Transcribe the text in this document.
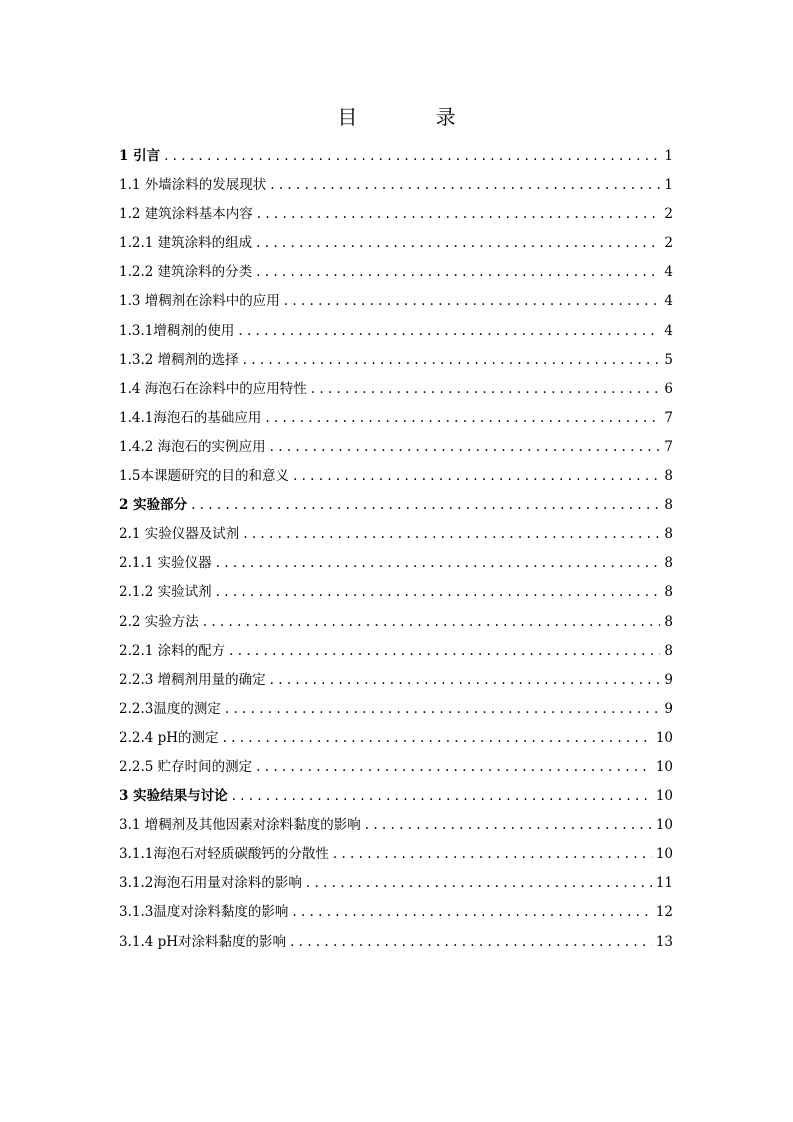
目 录
1 引言 . . .	1
1.1 外墙涂料的发展现状 . . .	1
1.2 建筑涂料基本内容 . . .	2
1.2.1 建筑涂料的组成 . . .	2
1.2.2 建筑涂料的分类 . . .	4
1.3 增稠剂在涂料中的应用 . . .	4
1.3.1增稠剂的使用 . . .	4
1.3.2 增稠剂的选择 . . .	5
1.4 海泡石在涂料中的应用特性 . . .	6
1.4.1海泡石的基础应用 . . .	7
1.4.2 海泡石的实例应用 . . .	7
1.5本课题研究的目的和意义 . . .	8
2 实验部分 . . .	8
2.1 实验仪器及试剂 . . .	8
2.1.1 实验仪器 . . .	8
2.1.2 实验试剂 . . .	8
2.2 实验方法 . . .	8
2.2.1 涂料的配方 . . .	8
2.2.3 增稠剂用量的确定 . . .	9
2.2.3温度的测定 . . .	9
2.2.4 pH的测定 . . .	10
2.2.5 贮存时间的测定 . . .	10
3 实验结果与讨论 . . .	10
3.1 增稠剂及其他因素对涂料黏度的影响 . . .	10
3.1.1海泡石对轻质碳酸钙的分散性 . . .	10
3.1.2海泡石用量对涂料的影响 . . .	11
3.1.3温度对涂料黏度的影响 . . .	12
3.1.4 pH对涂料黏度的影响 . . .	13
